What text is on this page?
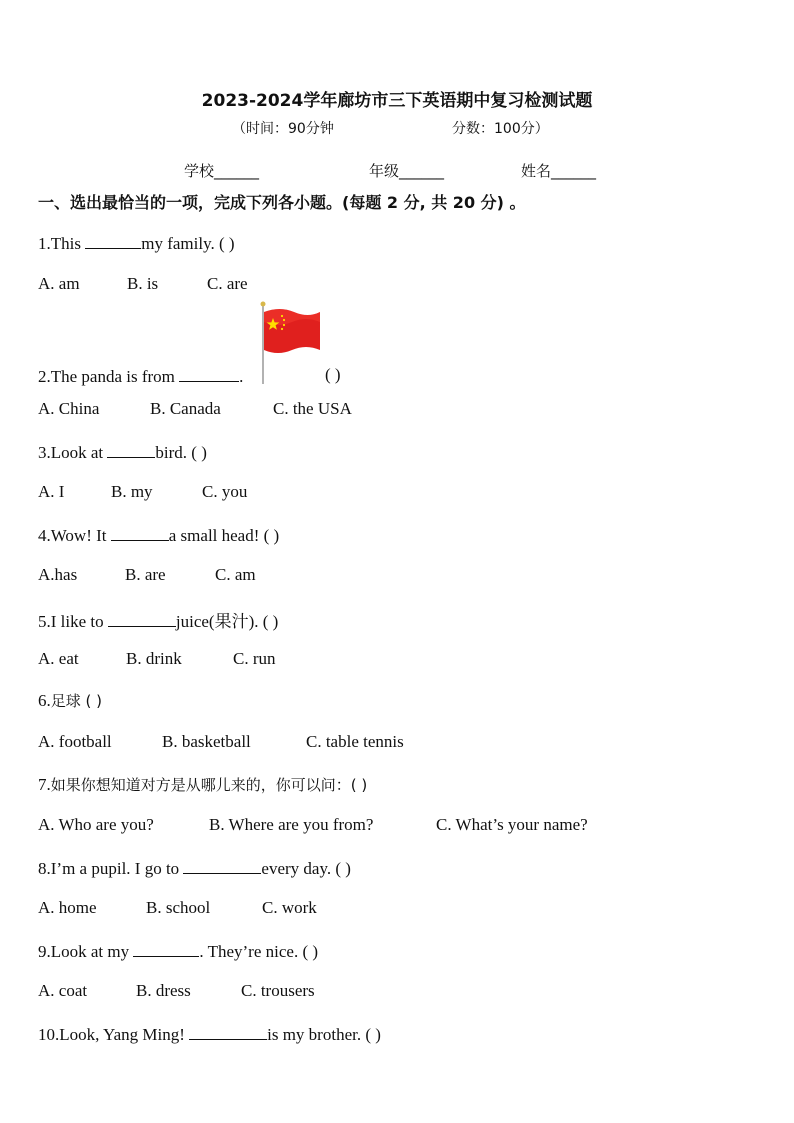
2023-2024学年廊坊市三下英语期中复习检测试题
（时间：90分钟	分数：100分）
学校______	年级______	姓名______
一、选出最恰当的一项，完成下列各小题。(每题 2 分, 共 20 分) 。
1.This	my family. ( )
A. am	B. is	C. are
2.The panda is from	.	( )
A. China	B. Canada	C. the USA
3.Look at	bird. ( )
A. I	B. my	C. you
4.Wow! It	a small head! ( )
A.has	B. are	C. am
5.I like to	juice(果汁). ( )
A. eat	B. drink	C. run
6.足球 ( )
A. football	B. basketball	C. table tennis
7.如果你想知道对方是从哪儿来的，你可以问：( )
A. Who are you?	B. Where are you from?	C. What’s your name?
8.I’m a pupil. I go to	every day. ( )
A. home	B. school	C. work
9.Look at my	. They’re nice. ( )
A. coat	B. dress	C. trousers
10.Look, Yang Ming!	is my brother. ( )
